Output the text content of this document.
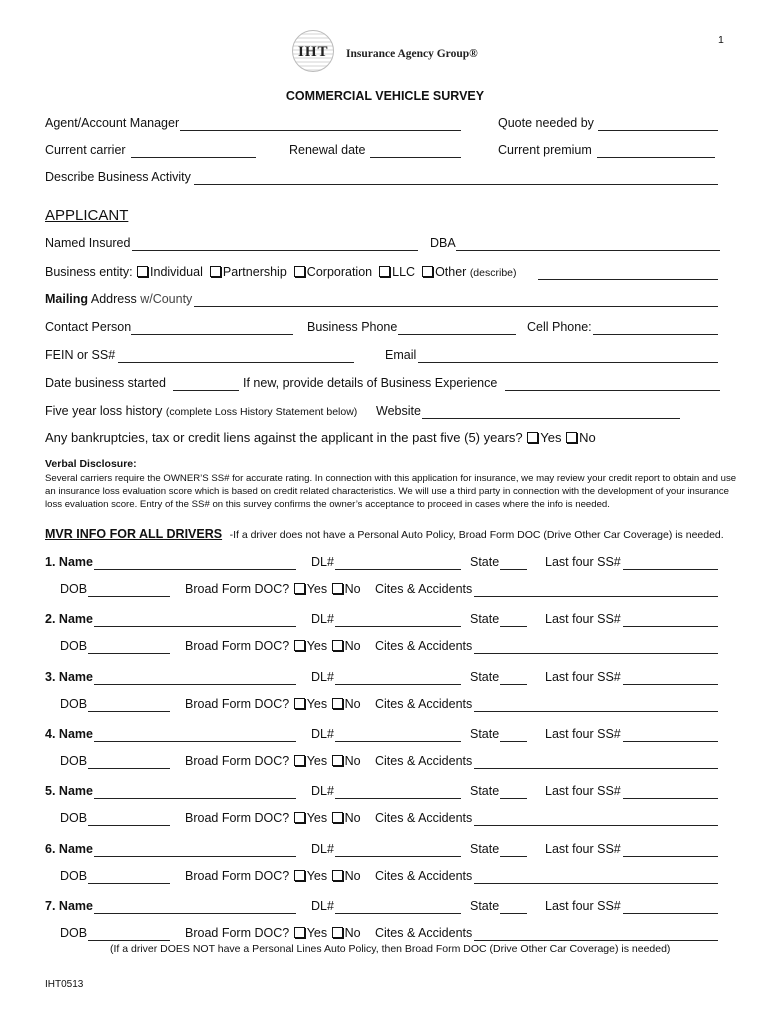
1
IHT Insurance Agency Group®
COMMERCIAL VEHICLE SURVEY
Agent/Account Manager	Quote needed by
Current carrier	Renewal date	Current premium
Describe Business Activity
APPLICANT
Named Insured	DBA
Business entity: Individual Partnership Corporation LLC Other (describe)
Mailing Address w/County
Contact Person	Business Phone	Cell Phone:
FEIN or SS#	Email
Date business started	If new, provide details of Business Experience
Five year loss history (complete Loss History Statement below) Website
Any bankruptcies, tax or credit liens against the applicant in the past five (5) years? Yes No
Verbal Disclosure:
Several carriers require the OWNER’S SS# for accurate rating. In connection with this application for insurance, we may review your credit report to obtain and use
an insurance loss evaluation score which is based on credit related characteristics. We will use a third party in connection with the development of your insurance
loss evaluation score. Entry of the SS# on this survey confirms the owner’s acceptance to proceed in cases where the info is needed.
MVR INFO FOR ALL DRIVERS -If a driver does not have a Personal Auto Policy, Broad Form DOC (Drive Other Car Coverage) is needed.
1. Name	DL#	State	Last four SS#
DOB	Broad Form DOC? Yes No Cites & Accidents
2. Name	DL#	State	Last four SS#
DOB	Broad Form DOC? Yes No Cites & Accidents
3. Name	DL#	State	Last four SS#
DOB	Broad Form DOC? Yes No Cites & Accidents
4. Name	DL#	State	Last four SS#
DOB	Broad Form DOC? Yes No Cites & Accidents
5. Name	DL#	State	Last four SS#
DOB	Broad Form DOC? Yes No Cites & Accidents
6. Name	DL#	State	Last four SS#
DOB	Broad Form DOC? Yes No Cites & Accidents
7. Name	DL#	State	Last four SS#
DOB	Broad Form DOC? Yes No Cites & Accidents
(If a driver DOES NOT have a Personal Lines Auto Policy, then Broad Form DOC (Drive Other Car Coverage) is needed)
IHT0513
